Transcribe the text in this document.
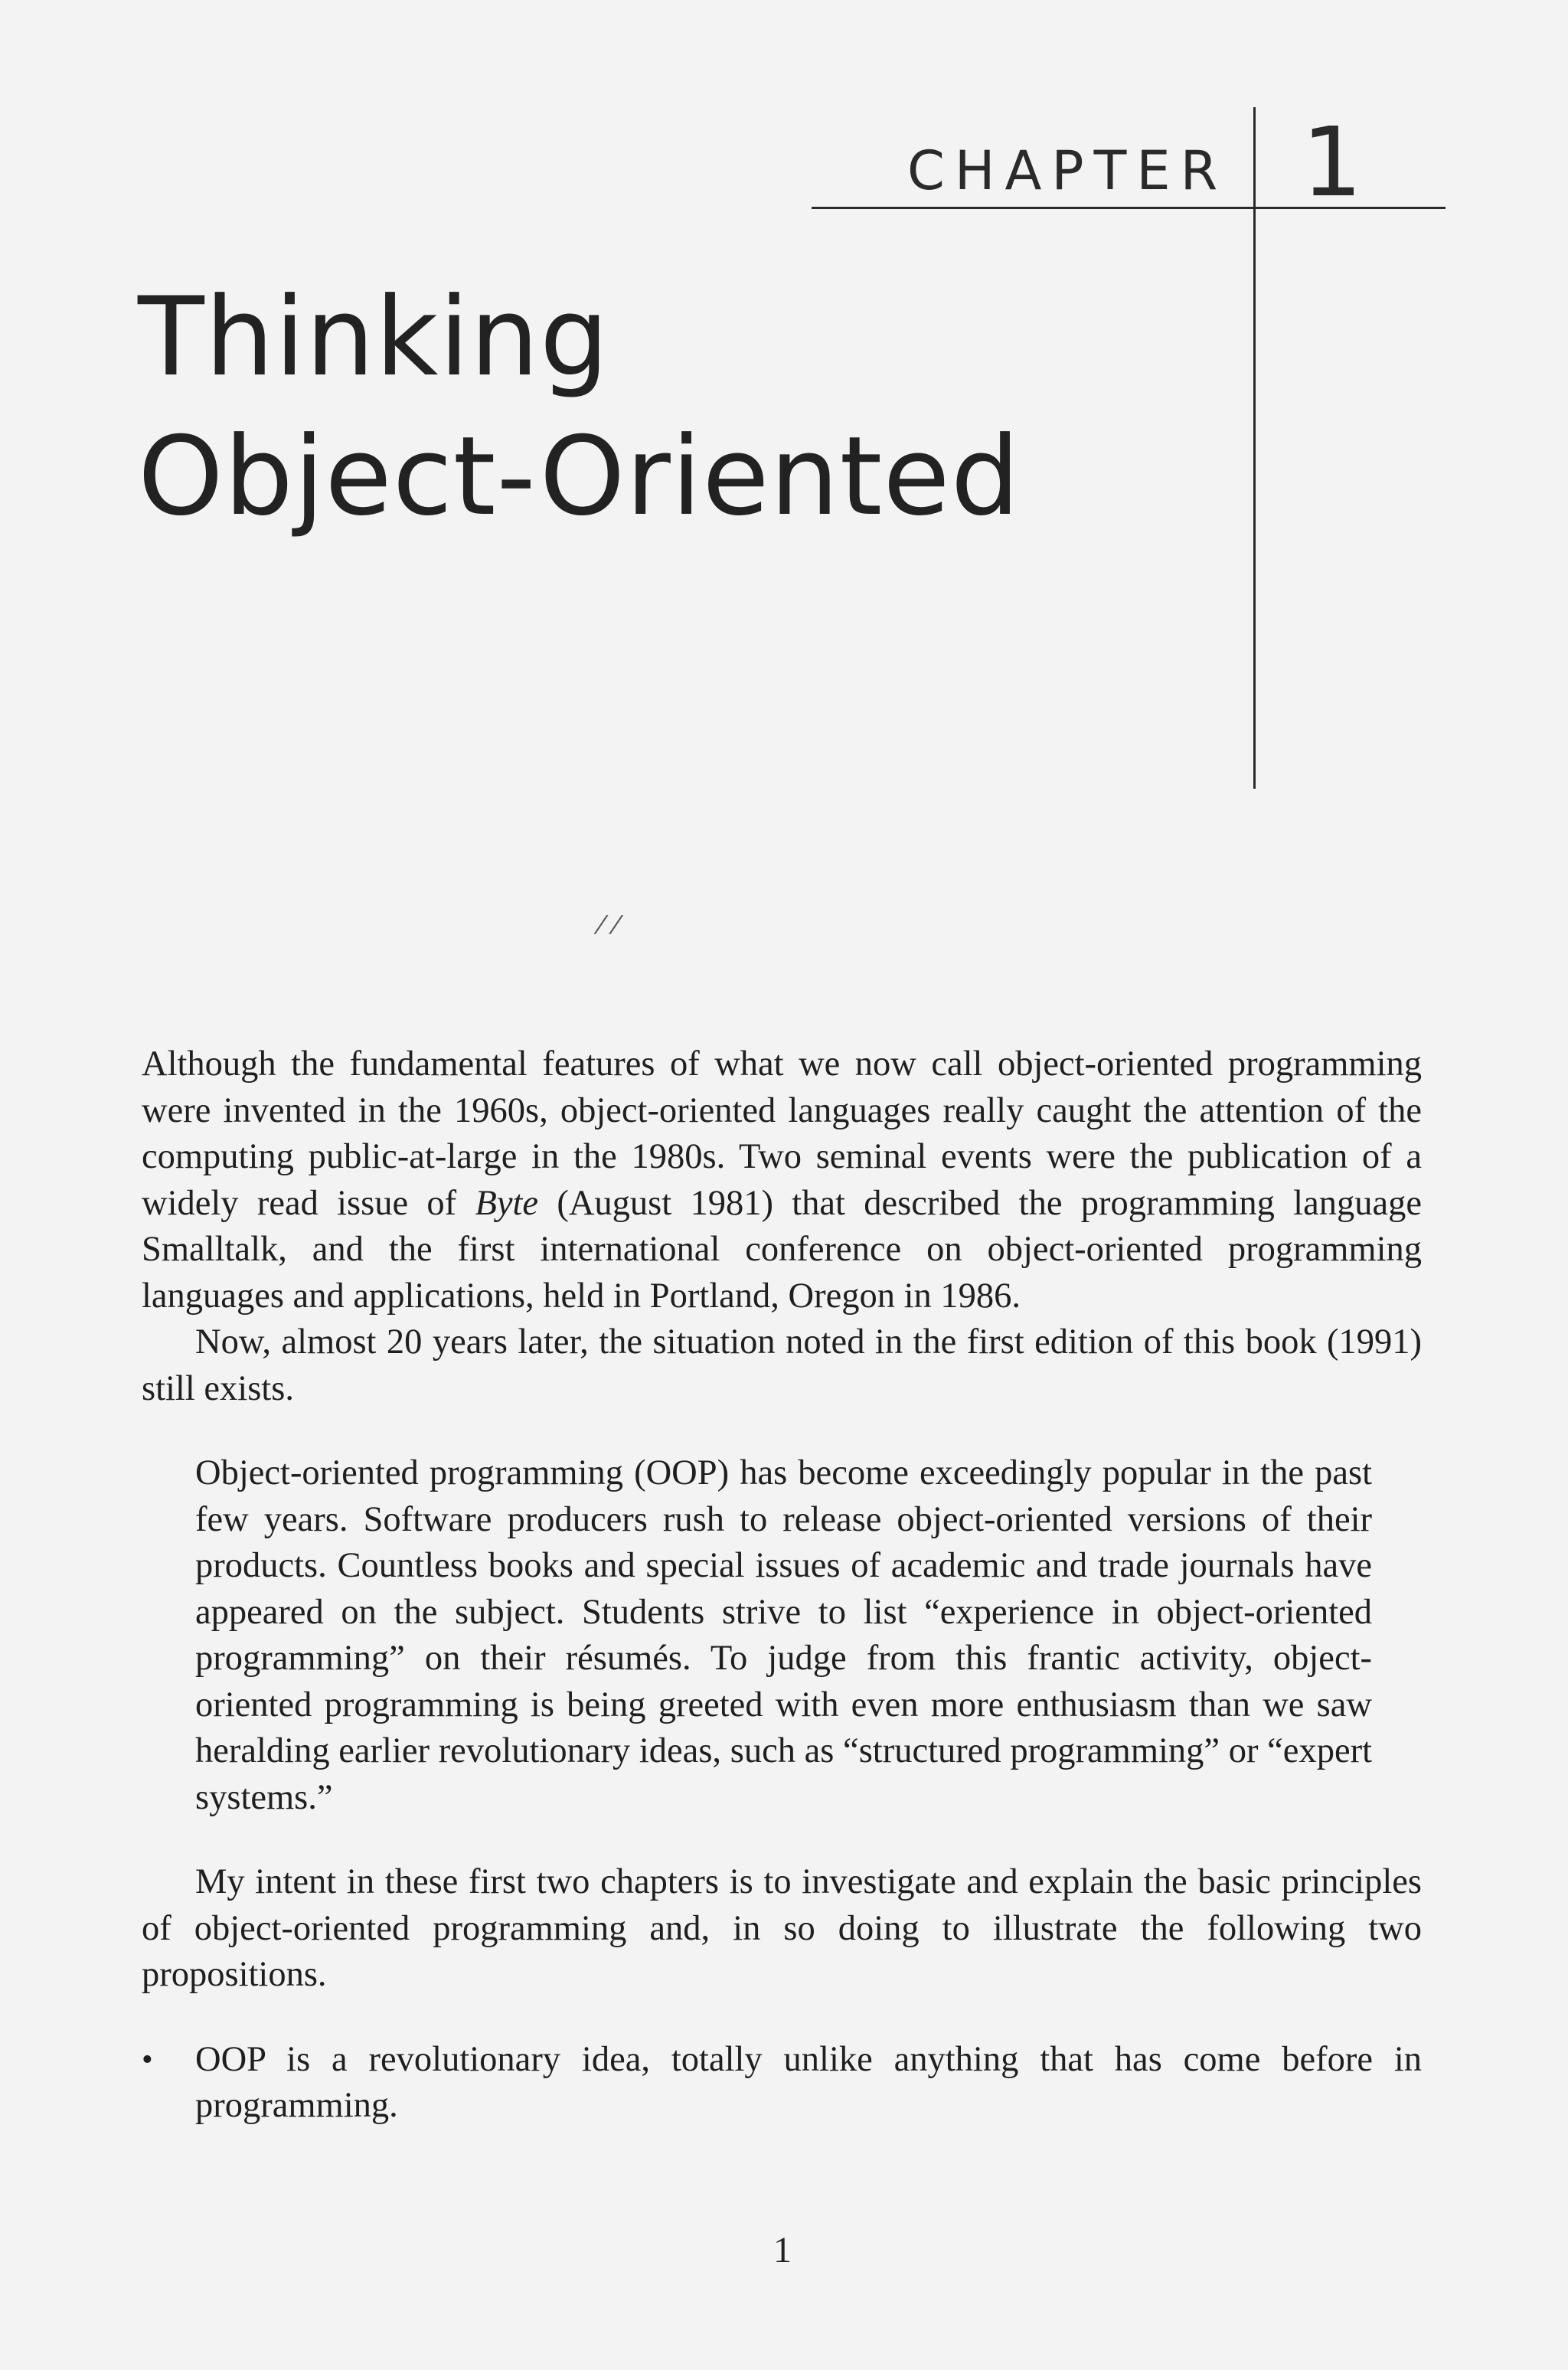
CHAPTER 1
Thinking
Object-Oriented
/ /

Although the fundamental features of what we now call object-oriented programming were invented in the 1960s, object-oriented languages really caught the attention of the computing public-at-large in the 1980s. Two seminal events were the publication of a widely read issue of Byte (August 1981) that described the programming language Smalltalk, and the first international conference on object-oriented programming languages and applications, held in Portland, Oregon in 1986.

Now, almost 20 years later, the situation noted in the first edition of this book (1991) still exists.

Object-oriented programming (OOP) has become exceedingly popular in the past few years. Software producers rush to release object-oriented versions of their products. Countless books and special issues of academic and trade journals have appeared on the subject. Students strive to list “experience in object-oriented programming” on their résumés. To judge from this frantic activity, object-oriented programming is being greeted with even more enthusiasm than we saw heralding earlier revolutionary ideas, such as “structured programming” or “expert systems.”

My intent in these first two chapters is to investigate and explain the basic principles of object-oriented programming and, in so doing to illustrate the following two propositions.

•	OOP is a revolutionary idea, totally unlike anything that has come before in programming.
1
